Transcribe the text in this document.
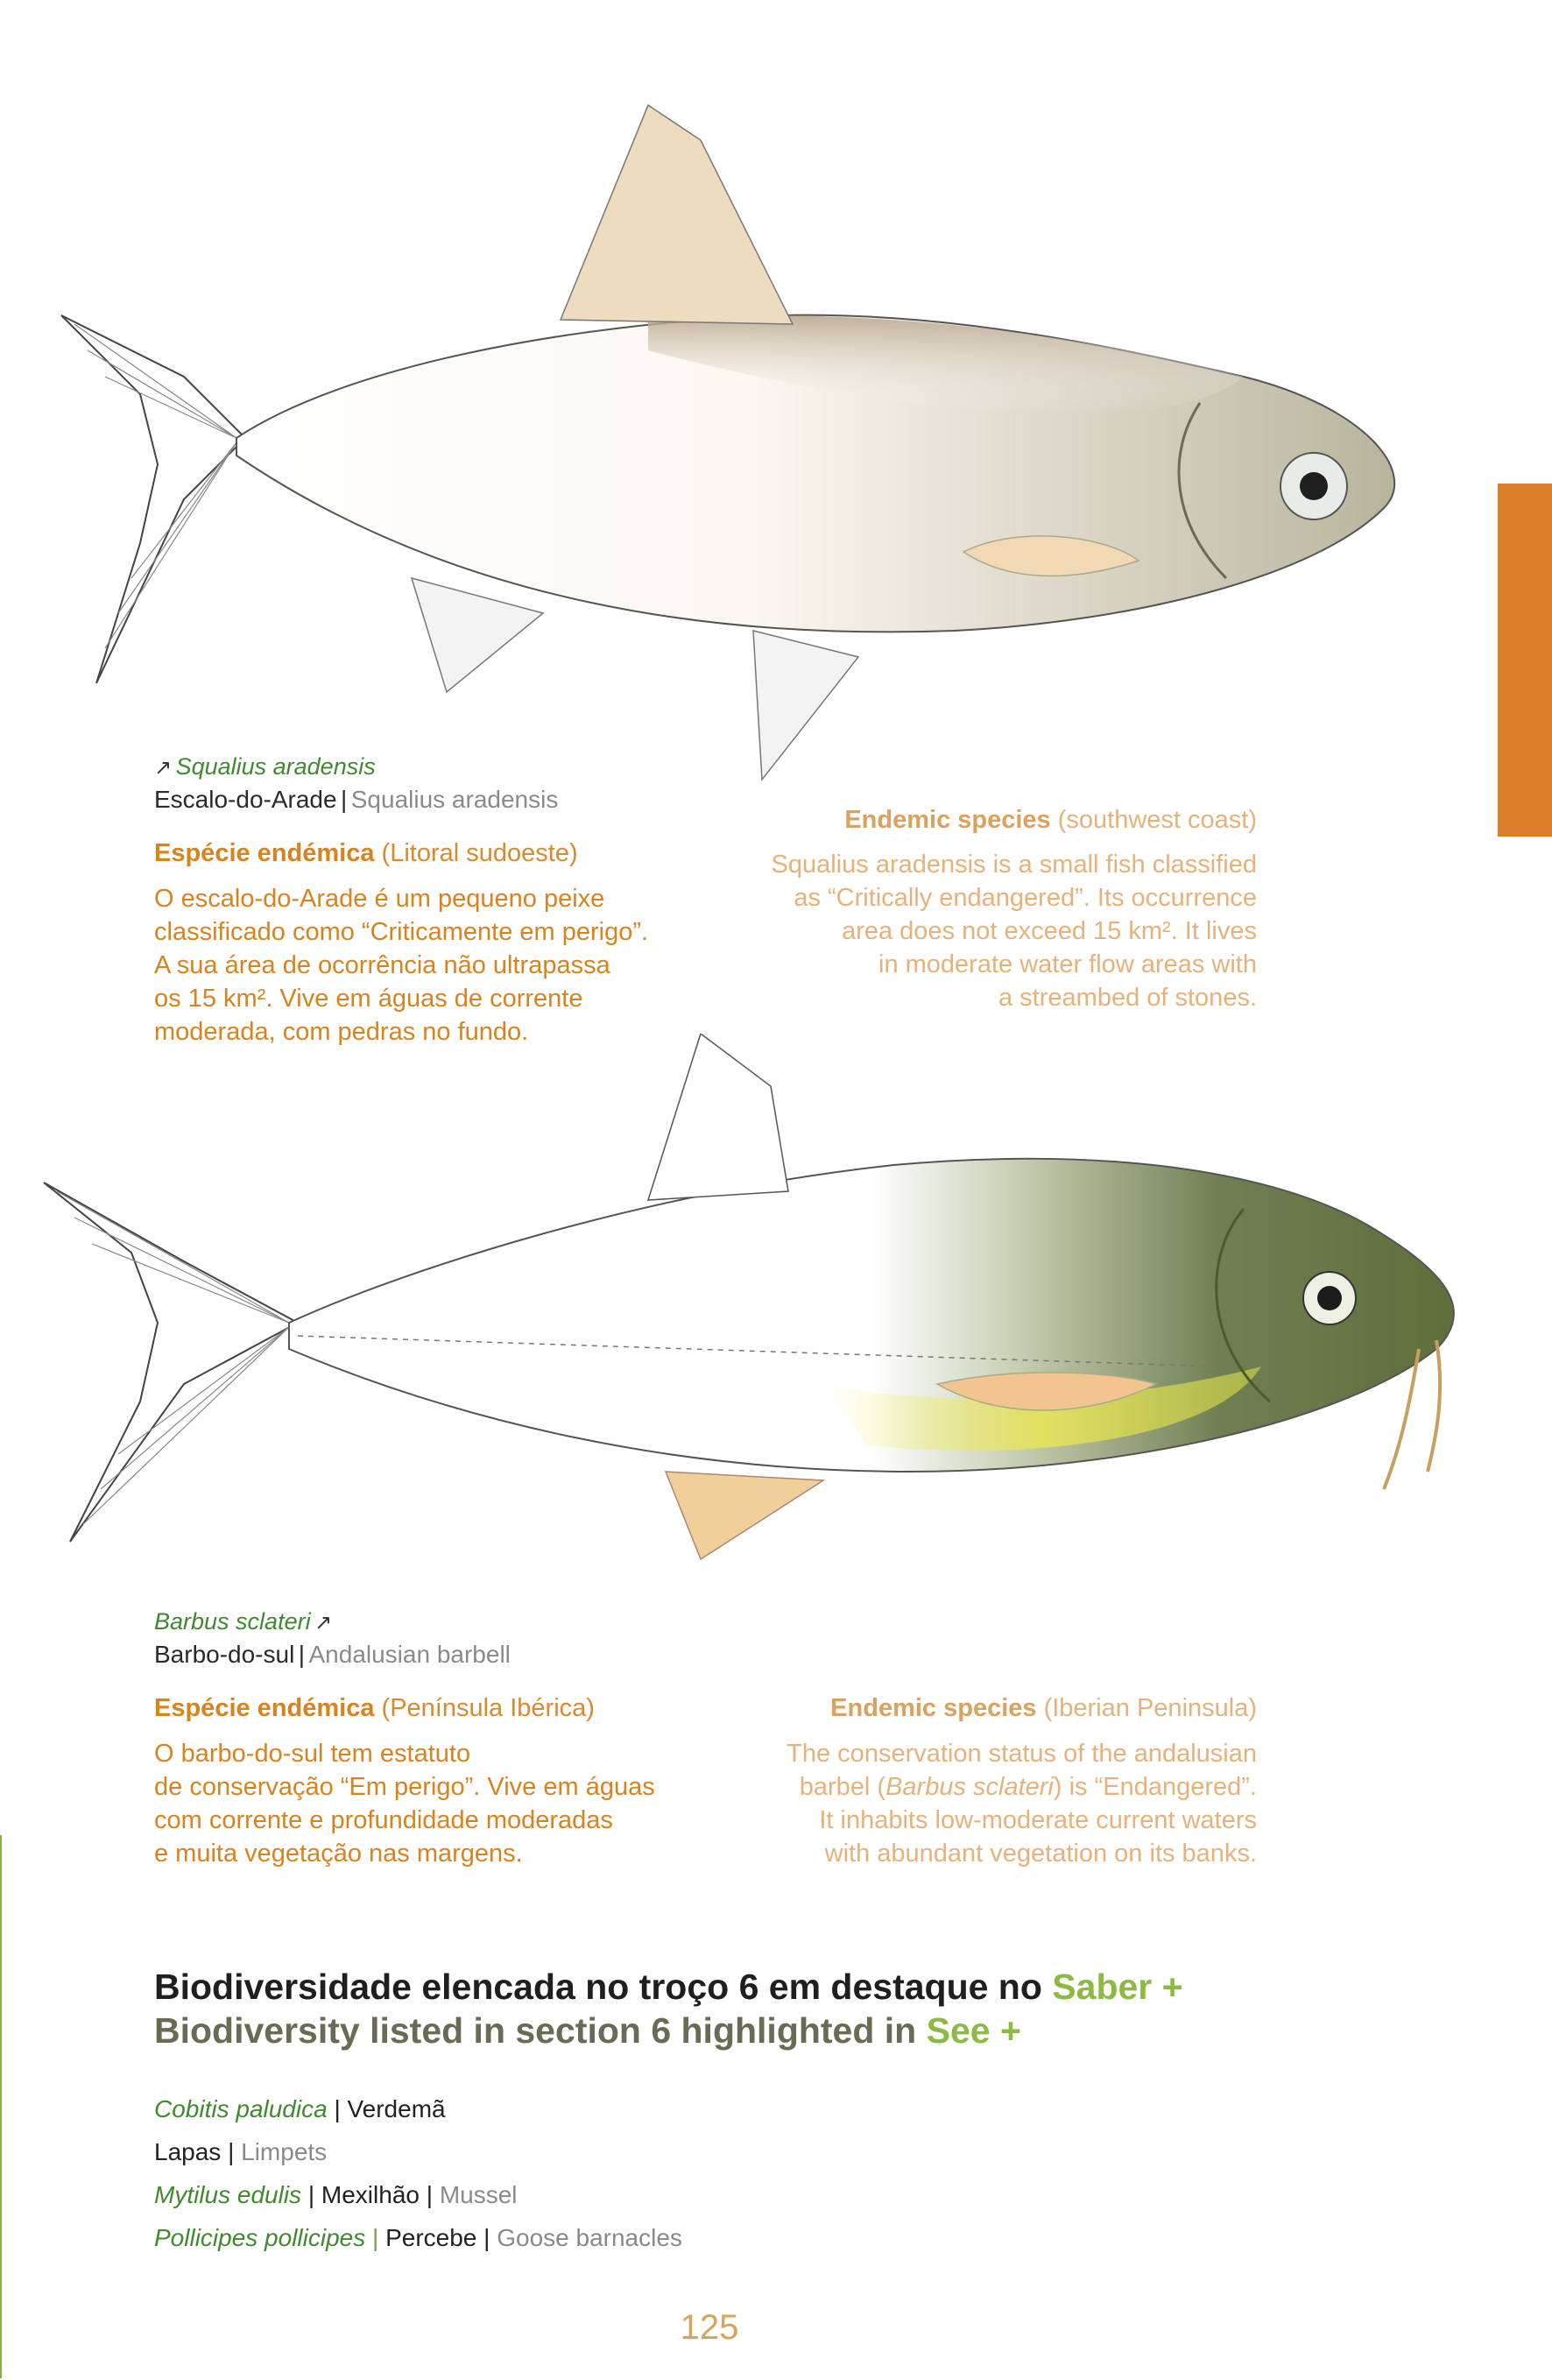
↗ Squalius aradensis
Escalo-do-Arade | Squalius aradensis
Espécie endémica (Litoral sudoeste)
O escalo-do-Arade é um pequeno peixe
classificado como “Criticamente em perigo”.
A sua área de ocorrência não ultrapassa
os 15 km². Vive em águas de corrente
moderada, com pedras no fundo.
Endemic species (southwest coast)
Squalius aradensis is a small fish classified
as “Critically endangered”. Its occurrence
area does not exceed 15 km². It lives
in moderate water flow areas with
a streambed of stones.
Barbus sclateri ↗
Barbo-do-sul | Andalusian barbell
Espécie endémica (Península Ibérica)
O barbo-do-sul tem estatuto
de conservação “Em perigo”. Vive em águas
com corrente e profundidade moderadas
e muita vegetação nas margens.
Endemic species (Iberian Peninsula)
The conservation status of the andalusian
barbel (Barbus sclateri) is “Endangered”.
It inhabits low-moderate current waters
with abundant vegetation on its banks.
Biodiversidade elencada no troço 6 em destaque no Saber +
Biodiversity listed in section 6 highlighted in See +
Cobitis paludica | Verdemã
Lapas | Limpets
Mytilus edulis | Mexilhão | Mussel
Pollicipes pollicipes | Percebe | Goose barnacles
125
